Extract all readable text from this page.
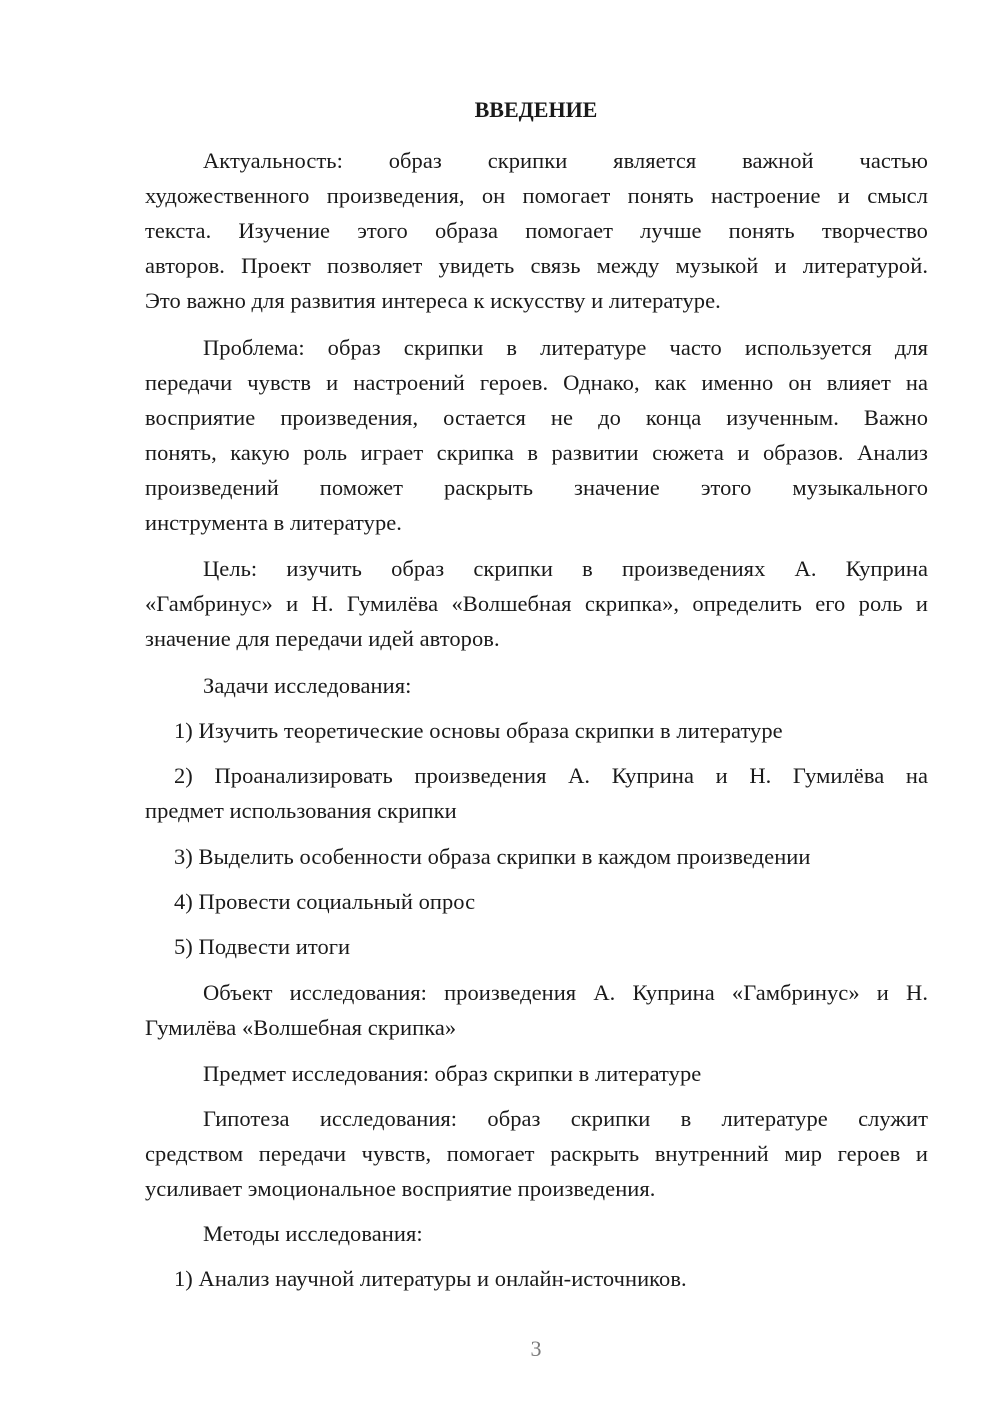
ВВЕДЕНИЕ
Актуальность: образ скрипки является важной частью
художественного произведения, он помогает понять настроение и смысл
текста. Изучение этого образа помогает лучше понять творчество
авторов. Проект позволяет увидеть связь между музыкой и литературой.
Это важно для развития интереса к искусству и литературе.
Проблема: образ скрипки в литературе часто используется для
передачи чувств и настроений героев. Однако, как именно он влияет на
восприятие произведения, остается не до конца изученным. Важно
понять, какую роль играет скрипка в развитии сюжета и образов. Анализ
произведений поможет раскрыть значение этого музыкального
инструмента в литературе.
Цель: изучить образ скрипки в произведениях А. Куприна
«Гамбринус» и Н. Гумилёва «Волшебная скрипка», определить его роль и
значение для передачи идей авторов.
Задачи исследования:
1) Изучить теоретические основы образа скрипки в литературе
2) Проанализировать произведения А. Куприна и Н. Гумилёва на
предмет использования скрипки
3) Выделить особенности образа скрипки в каждом произведении
4) Провести социальный опрос
5) Подвести итоги
Объект исследования: произведения А. Куприна «Гамбринус» и Н.
Гумилёва «Волшебная скрипка»
Предмет исследования: образ скрипки в литературе
Гипотеза исследования: образ скрипки в литературе служит
средством передачи чувств, помогает раскрыть внутренний мир героев и
усиливает эмоциональное восприятие произведения.
Методы исследования:
1) Анализ научной литературы и онлайн-источников.
3
